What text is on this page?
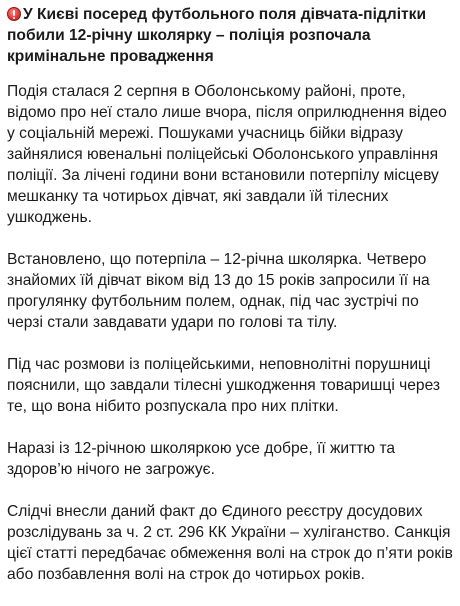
У Києві посеред футбольного поля дівчата-підлітки побили 12-річну школярку – поліція розпочала кримінальне провадження

Подія сталася 2 серпня в Оболонському районі, проте, відомо про неї стало лише вчора, після оприлюднення відео у соціальній мережі. Пошуками учасниць бійки відразу зайнялися ювенальні поліцейські Оболонського управління поліції. За лічені години вони встановили потерпілу місцеву мешканку та чотирьох дівчат, які завдали їй тілесних ушкоджень.

Встановлено, що потерпіла – 12-річна школярка. Четверо знайомих їй дівчат віком від 13 до 15 років запросили її на прогулянку футбольним полем, однак, під час зустрічі по черзі стали завдавати удари по голові та тілу.

Під час розмови із поліцейськими, неповнолітні порушниці пояснили, що завдали тілесні ушкодження товаришці через те, що вона нібито розпускала про них плітки.

Наразі із 12-річною школяркою усе добре, її життю та здоров’ю нічого не загрожує.

Слідчі внесли даний факт до Єдиного реєстру досудових розслідувань за ч. 2 ст. 296 КК України – хуліганство. Санкція цієї статті передбачає обмеження волі на строк до п’яти років або позбавлення волі на строк до чотирьох років.
